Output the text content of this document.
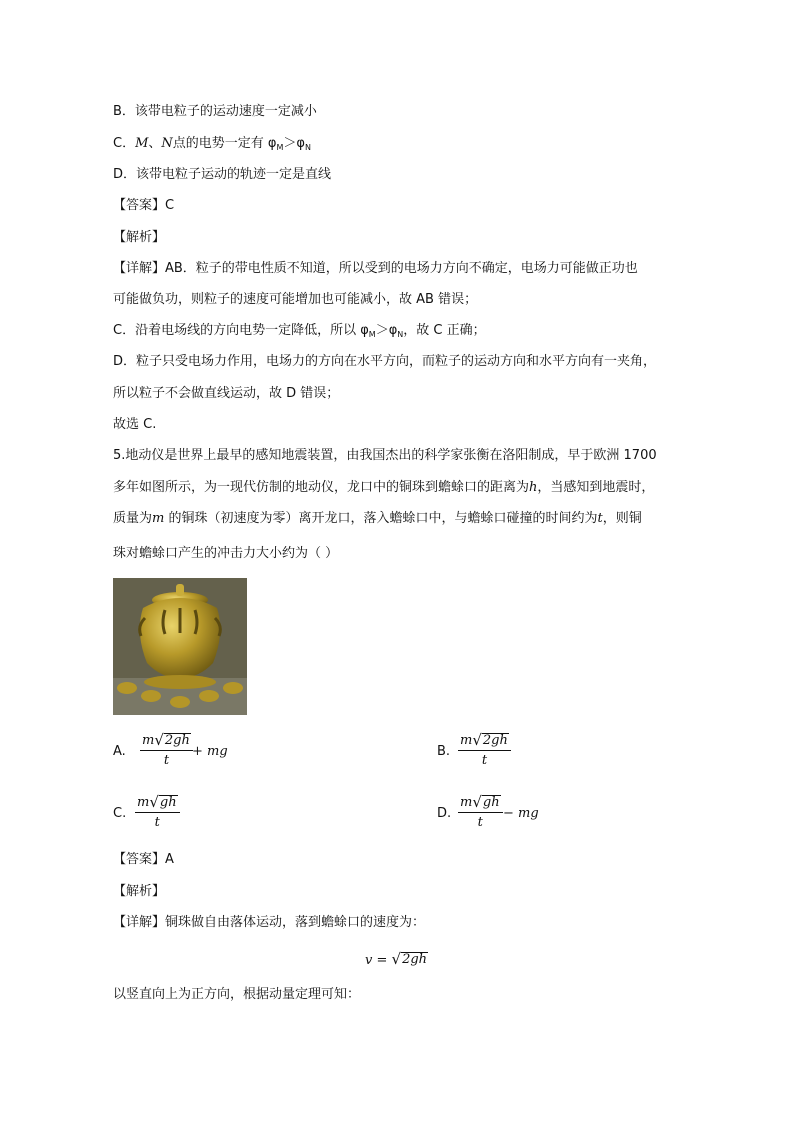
B．该带电粒子的运动速度一定减小
C．M、N点的电势一定有 $\varphi_M>\varphi_N$
D．该带电粒子运动的轨迹一定是直线
【答案】C
【解析】
【详解】AB．粒子的带电性质不知道，所以受到的电场力方向不确定，电场力可能做正功也
可能做负功，则粒子的速度可能增加也可能减小，故 AB 错误；
C．沿着电场线的方向电势一定降低，所以 $\varphi_M>\varphi_N$，故 C 正确；
D．粒子只受电场力作用，电场力的方向在水平方向，而粒子的运动方向和水平方向有一夹角，
所以粒子不会做直线运动，故 D 错误；
故选 C.
5.地动仪是世界上最早的感知地震装置，由我国杰出的科学家张衡在洛阳制成，早于欧洲 1700
多年如图所示，为一现代仿制的地动仪，龙口中的铜珠到蟾蜍口的距离为h，当感知到地震时，
质量为m 的铜珠（初速度为零）离开龙口，落入蟾蜍口中，与蟾蜍口碰撞的时间约为t，则铜
珠对蟾蜍口产生的冲击力大小约为（ ）
A.
m √ 2gh
t
+ mg	B.
m √ 2gh
t
C.
m √ gh
t
D.
m √ gh
t
− mg
【答案】A
【解析】
【详解】铜珠做自由落体运动，落到蟾蜍口的速度为：
v = √ 2gh
以竖直向上为正方向，根据动量定理可知：
